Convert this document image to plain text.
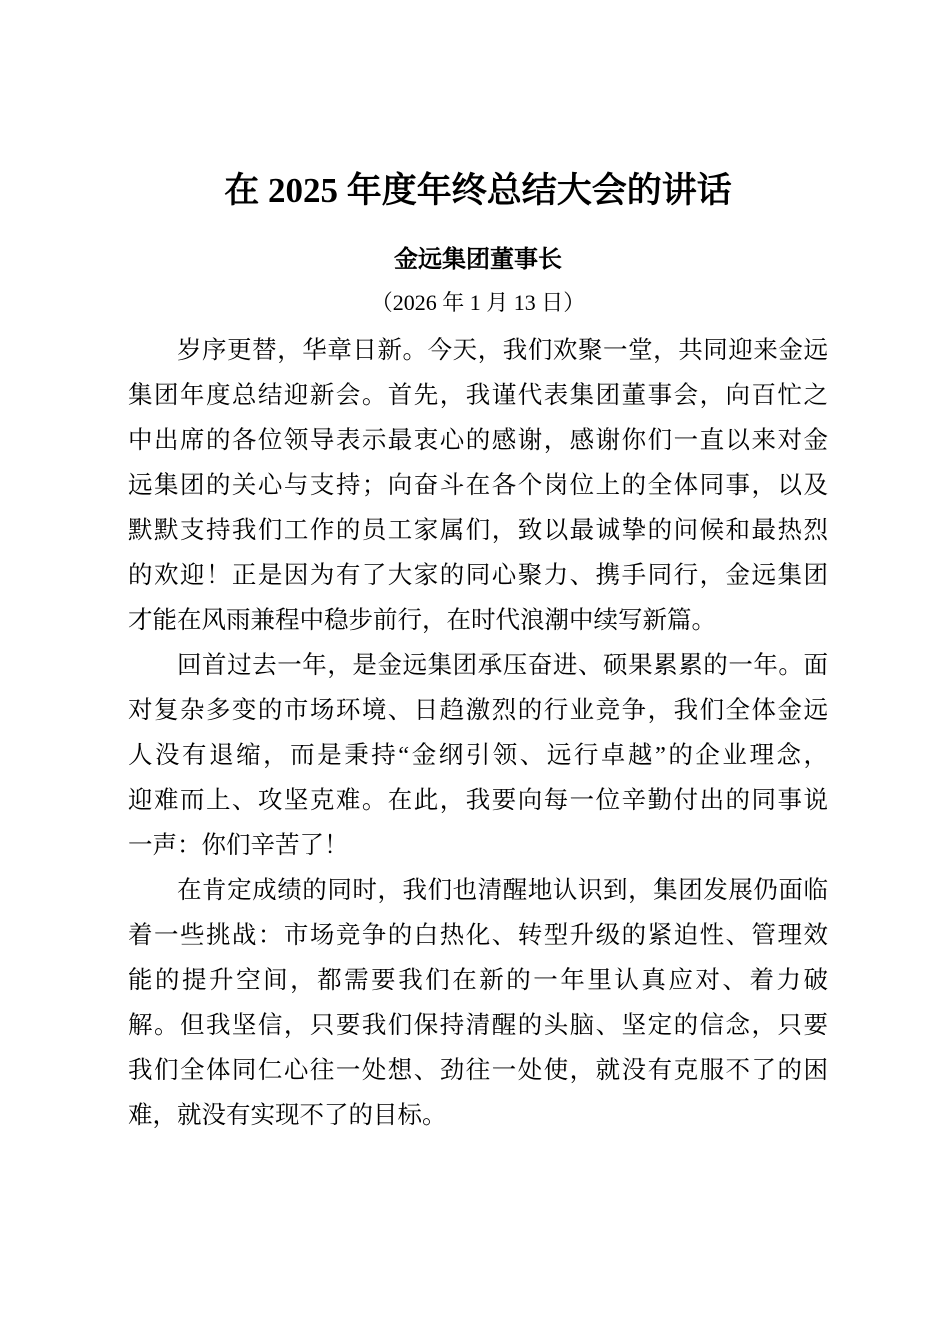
在 2025 年度年终总结大会的讲话
金远集团董事长
（2026 年 1 月 13 日）
岁序更替，华章日新。今天，我们欢聚一堂，共同迎来金远
集团年度总结迎新会。首先，我谨代表集团董事会，向百忙之
中出席的各位领导表示最衷心的感谢，感谢你们一直以来对金
远集团的关心与支持；向奋斗在各个岗位上的全体同事，以及
默默支持我们工作的员工家属们，致以最诚挚的问候和最热烈
的欢迎！正是因为有了大家的同心聚力、携手同行，金远集团
才能在风雨兼程中稳步前行，在时代浪潮中续写新篇。
回首过去一年，是金远集团承压奋进、硕果累累的一年。面
对复杂多变的市场环境、日趋激烈的行业竞争，我们全体金远
人没有退缩，而是秉持“金纲引领、远行卓越”的企业理念，
迎难而上、攻坚克难。在此，我要向每一位辛勤付出的同事说
一声：你们辛苦了！
在肯定成绩的同时，我们也清醒地认识到，集团发展仍面临
着一些挑战：市场竞争的白热化、转型升级的紧迫性、管理效
能的提升空间，都需要我们在新的一年里认真应对、着力破
解。但我坚信，只要我们保持清醒的头脑、坚定的信念，只要
我们全体同仁心往一处想、劲往一处使，就没有克服不了的困
难，就没有实现不了的目标。
